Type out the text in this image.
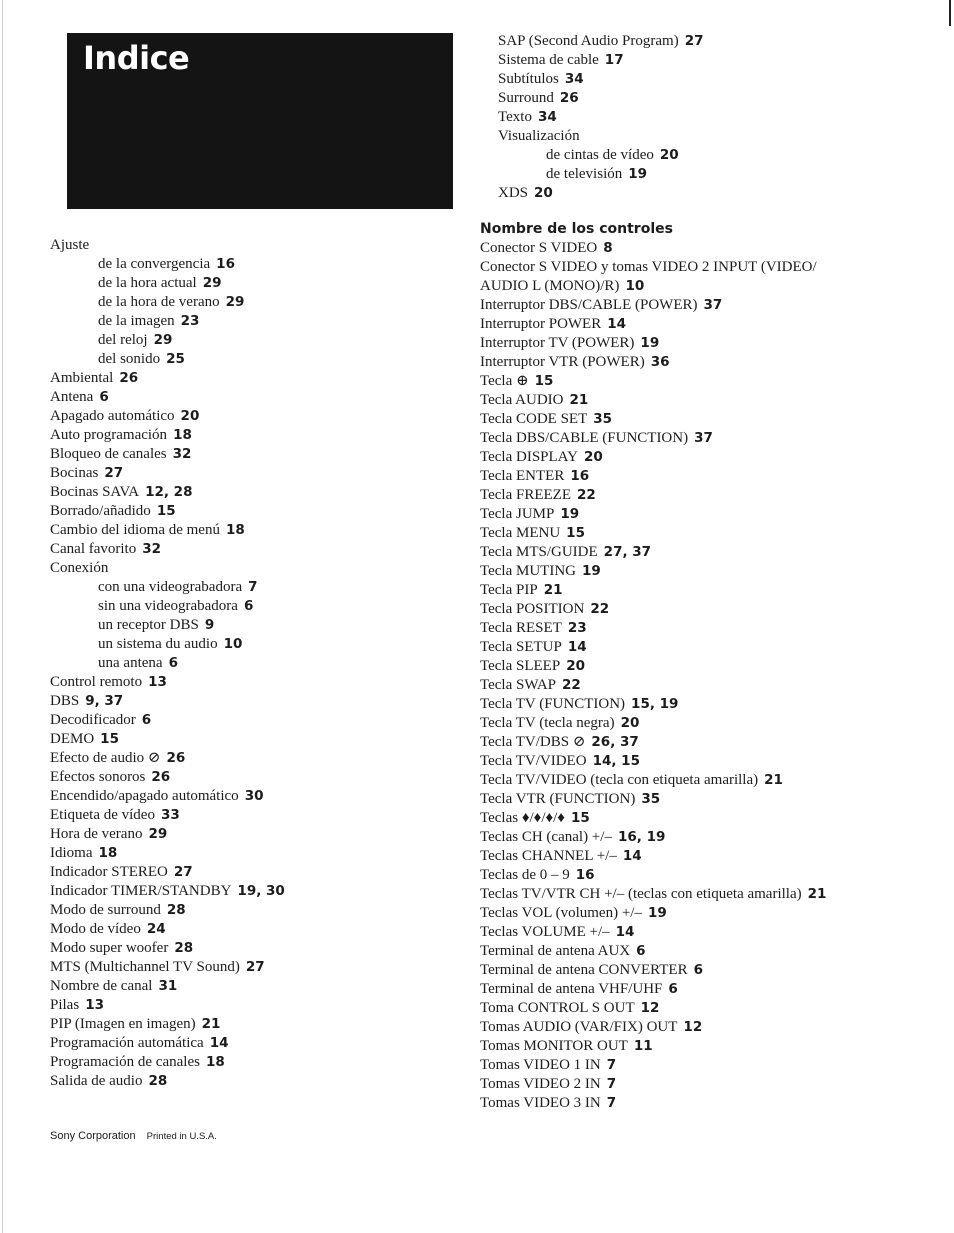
Indice
Ajuste
de la convergencia 16
de la hora actual 29
de la hora de verano 29
de la imagen 23
del reloj 29
del sonido 25
Ambiental 26
Antena 6
Apagado automático 20
Auto programación 18
Bloqueo de canales 32
Bocinas 27
Bocinas SAVA 12, 28
Borrado/añadido 15
Cambio del idioma de menú 18
Canal favorito 32
Conexión
con una videograbadora 7
sin una videograbadora 6
un receptor DBS 9
un sistema du audio 10
una antena 6
Control remoto 13
DBS 9, 37
Decodificador 6
DEMO 15
Efecto de audio ⊘ 26
Efectos sonoros 26
Encendido/apagado automático 30
Etiqueta de vídeo 33
Hora de verano 29
Idioma 18
Indicador STEREO 27
Indicador TIMER/STANDBY 19, 30
Modo de surround 28
Modo de vídeo 24
Modo super woofer 28
MTS (Multichannel TV Sound) 27
Nombre de canal 31
Pilas 13
PIP (Imagen en imagen) 21
Programación automática 14
Programación de canales 18
Salida de audio 28
SAP (Second Audio Program) 27
Sistema de cable 17
Subtítulos 34
Surround 26
Texto 34
Visualización
de cintas de vídeo 20
de televisión 19
XDS 20
Nombre de los controles
Conector S VIDEO 8
Conector S VIDEO y tomas VIDEO 2 INPUT (VIDEO/
AUDIO L (MONO)/R) 10
Interruptor DBS/CABLE (POWER) 37
Interruptor POWER 14
Interruptor TV (POWER) 19
Interruptor VTR (POWER) 36
Tecla ⊕ 15
Tecla AUDIO 21
Tecla CODE SET 35
Tecla DBS/CABLE (FUNCTION) 37
Tecla DISPLAY 20
Tecla ENTER 16
Tecla FREEZE 22
Tecla JUMP 19
Tecla MENU 15
Tecla MTS/GUIDE 27, 37
Tecla MUTING 19
Tecla PIP 21
Tecla POSITION 22
Tecla RESET 23
Tecla SETUP 14
Tecla SLEEP 20
Tecla SWAP 22
Tecla TV (FUNCTION) 15, 19
Tecla TV (tecla negra) 20
Tecla TV/DBS ⊘ 26, 37
Tecla TV/VIDEO 14, 15
Tecla TV/VIDEO (tecla con etiqueta amarilla) 21
Tecla VTR (FUNCTION) 35
Teclas ♦/♦/♦/♦ 15
Teclas CH (canal) +/– 16, 19
Teclas CHANNEL +/– 14
Teclas de 0 – 9 16
Teclas TV/VTR CH +/– (teclas con etiqueta amarilla) 21
Teclas VOL (volumen) +/– 19
Teclas VOLUME +/– 14
Terminal de antena AUX 6
Terminal de antena CONVERTER 6
Terminal de antena VHF/UHF 6
Toma CONTROL S OUT 12
Tomas AUDIO (VAR/FIX) OUT 12
Tomas MONITOR OUT 11
Tomas VIDEO 1 IN 7
Tomas VIDEO 2 IN 7
Tomas VIDEO 3 IN 7
Sony Corporation Printed in U.S.A.
